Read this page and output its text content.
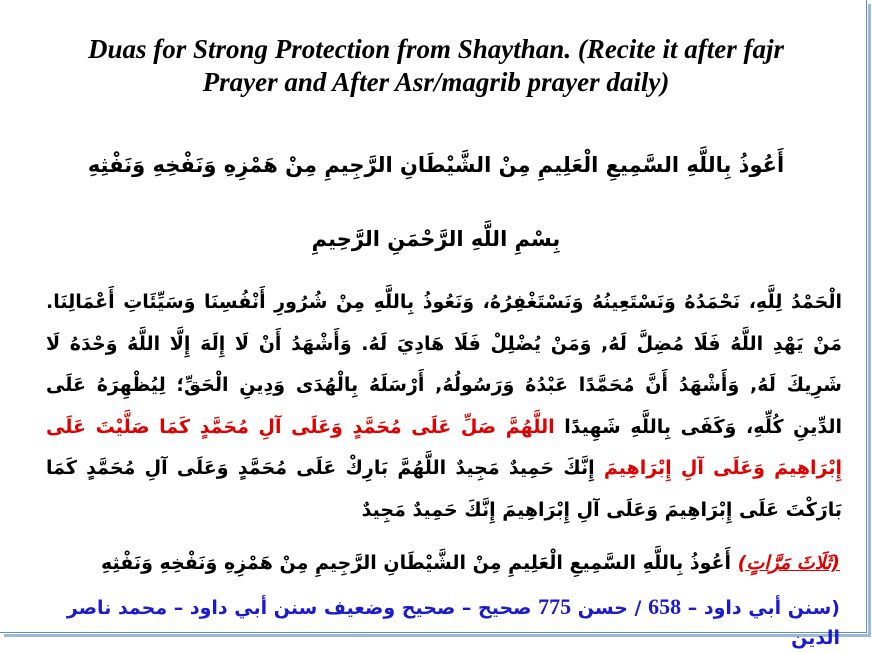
Duas for Strong Protection from Shaythan. (Recite it after fajr
Prayer and After Asr/magrib prayer daily)
أَعُوذُ بِاللَّهِ السَّمِيعِ الْعَلِيمِ مِنْ الشَّيْطَانِ الرَّجِيمِ مِنْ هَمْزِهِ وَنَفْخِهِ وَنَفْثِهِ
بِسْمِ اللَّهِ الرَّحْمَنِ الرَّحِيمِ
الْحَمْدُ لِلَّهِ، نَحْمَدُهُ وَنَسْتَعِينُهُ وَنَسْتَغْفِرُهُ، وَنَعُوذُ بِاللَّهِ مِنْ شُرُورِ أَنْفُسِنَا وَسَيِّئَاتِ أَعْمَالِنَا. مَنْ يَهْدِ اللَّهُ فَلَا مُضِلَّ لَهُ, وَمَنْ يُضْلِلْ فَلَا هَادِيَ لَهُ. وَأَشْهَدُ أَنْ لَا إِلَهَ إِلَّا اللَّهُ وَحْدَهُ لَا شَرِيكَ لَهُ, وَأَشْهَدُ أَنَّ مُحَمَّدًا عَبْدُهُ وَرَسُولُهُ, أَرْسَلَهُ بِالْهُدَى وَدِينِ الْحَقِّ؛ لِيُظْهِرَهُ عَلَى الدِّينِ كُلِّهِ، وَكَفَى بِاللَّهِ شَهِيدًا اللَّهُمَّ صَلِّ عَلَى مُحَمَّدٍ وَعَلَى آلِ مُحَمَّدٍ كَمَا صَلَّيْتَ عَلَى إِبْرَاهِيمَ وَعَلَى آلِ إِبْرَاهِيمَ إِنَّكَ حَمِيدٌ مَجِيدٌ اللَّهُمَّ بَارِكْ عَلَى مُحَمَّدٍ وَعَلَى آلِ مُحَمَّدٍ كَمَا بَارَكْتَ عَلَى إِبْرَاهِيمَ وَعَلَى آلِ إِبْرَاهِيمَ إِنَّكَ حَمِيدٌ مَجِيدٌ
(ثَلَاثَ مَرَّاتٍ) أَعُوذُ بِاللَّهِ السَّمِيعِ الْعَلِيمِ مِنْ الشَّيْطَانِ الرَّجِيمِ مِنْ هَمْزِهِ وَنَفْخِهِ وَنَفْثِهِ
(سنن أبي داود – 658 / حسن 775 صحيح – صحيح وضعيف سنن أبي داود – محمد ناصر الدين
